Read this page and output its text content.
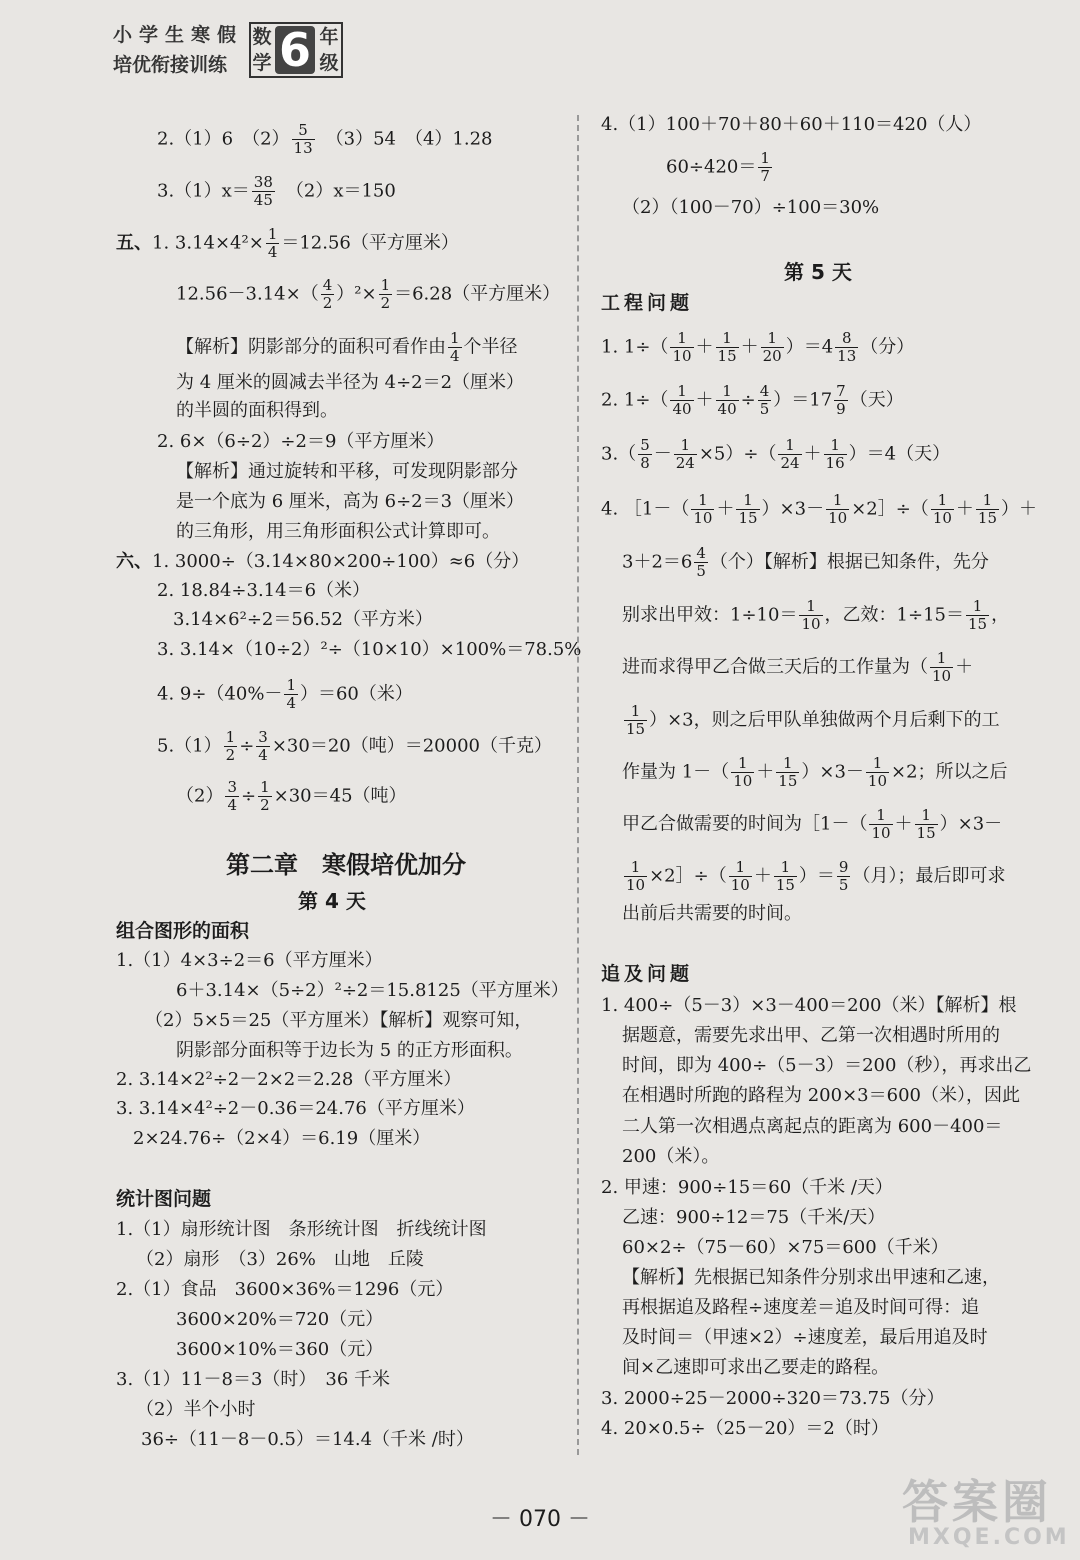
小学生寒假
培优衔接训练
数
学 6 年
级
2.（1）6　$(2) \frac{5}{13}$ 　（3）54　（4）1.28
$3.(1)x= \frac{38}{45}$ 　（2）x＝150
五、1. $3.14\times 4^2\times \frac{1}{4} =12.56$（平方厘米）
$12.56-3.14\times( \frac{4}{2} )^2\times \frac{1}{2} =6.28$（平方厘米）
【解析】阴影部分的面积可看作由 $\frac{1}{4}$ 个半径
为 4 厘米的圆减去半径为 4÷2＝2（厘米）
的半圆的面积得到。
2. 6×（6÷2）÷2＝9（平方厘米）
【解析】通过旋转和平移，可发现阴影部分
是一个底为 6 厘米，高为 6÷2＝3（厘米）
的三角形，用三角形面积公式计算即可。
六、1. 3000÷（3.14×80×200÷100）≈6（分）
2. 18.84÷3.14＝6（米）
3.14×6²÷2＝56.52（平方米）
3. 3.14×（10÷2）²÷（10×10）×100%＝78.5%
4. $9\div(40\%- \frac{1}{4} )=60$（米）
$5.(1) \frac{1}{2} \div \frac{3}{4} \times 30=20$（吨）＝20000（千克）
$(2) \frac{3}{4} \div \frac{1}{2} \times 30=45$（吨）
第二章　寒假培优加分
第 4 天
组合图形的面积
1.（1）4×3÷2＝6（平方厘米）
6＋3.14×（5÷2）²÷2＝15.8125（平方厘米）
（2）5×5＝25（平方厘米）【解析】观察可知，
阴影部分面积等于边长为 5 的正方形面积。
2. 3.14×2²÷2－2×2＝2.28（平方厘米）
3. 3.14×4²÷2－0.36＝24.76（平方厘米）
2×24.76÷（2×4）＝6.19（厘米）
统计图问题
1.（1）扇形统计图　条形统计图　折线统计图
（2）扇形　（3）26%　山地　丘陵
2.（1）食品　3600×36%＝1296（元）
3600×20%＝720（元）
3600×10%＝360（元）
3.（1）11－8＝3（时）　36 千米
（2）半个小时
36÷（11－8－0.5）＝14.4（千米 /时）
4.（1）100＋70＋80＋60＋110＝420（人）
$60\div 420= \frac{1}{7}$
（2）（100－70）÷100＝30%
第 5 天
工程问题
1. $1\div( \frac{1}{10} + \frac{1}{15} + \frac{1}{20} )=4 \frac{8}{13}$ （分）
2. $1\div( \frac{1}{40} + \frac{1}{40} \div \frac{4}{5} )=17 \frac{7}{9}$ （天）
$3.( \frac{5}{8} - \frac{1}{24} \times 5)\div( \frac{1}{24} + \frac{1}{16} )=4$（天）
4. ［1－（ $\frac{1}{10} + \frac{1}{15} )\times 3- \frac{1}{10}$ ×2］÷（ $\frac{1}{10} + \frac{1}{15}$ ）＋
$3+2=6 \frac{4}{5}$ （个）【解析】根据已知条件，先分
别求出甲效：$1\div 10= \frac{1}{10}$ ，乙效：$1\div 15= \frac{1}{15}$ ，
进而求得甲乙合做三天后的工作量为（ $\frac{1}{10}$ ＋
$\frac{1}{15} )\times 3$，则之后甲队单独做两个月后剩下的工
作量为 $1-( \frac{1}{10} + \frac{1}{15} )\times 3- \frac{1}{10} \times 2$；所以之后
甲乙合做需要的时间为［1－（ $\frac{1}{10} + \frac{1}{15} )\times 3-$
$\frac{1}{10}$ ×2］÷（ $\frac{1}{10} + \frac{1}{15}$ ）＝ $\frac{9}{5}$ （月）；最后即可求
出前后共需要的时间。
追及问题
1. 400÷（5－3）×3－400＝200（米）【解析】根
据题意，需要先求出甲、乙第一次相遇时所用的
时间，即为 400÷（5－3）＝200（秒），再求出乙
在相遇时所跑的路程为 200×3＝600（米），因此
二人第一次相遇点离起点的距离为 600－400＝
200（米）。
2. 甲速：900÷15＝60（千米 /天）
乙速：900÷12＝75（千米/天）
60×2÷（75－60）×75＝600（千米）
【解析】先根据已知条件分别求出甲速和乙速，
再根据追及路程÷速度差＝追及时间可得：追
及时间＝（甲速×2）÷速度差，最后用追及时
间×乙速即可求出乙要走的路程。
3. 2000÷25－2000÷320＝73.75（分）
4. 20×0.5÷（25－20）＝2（时）
－ 070 －	答案圈
MXQE.COM
